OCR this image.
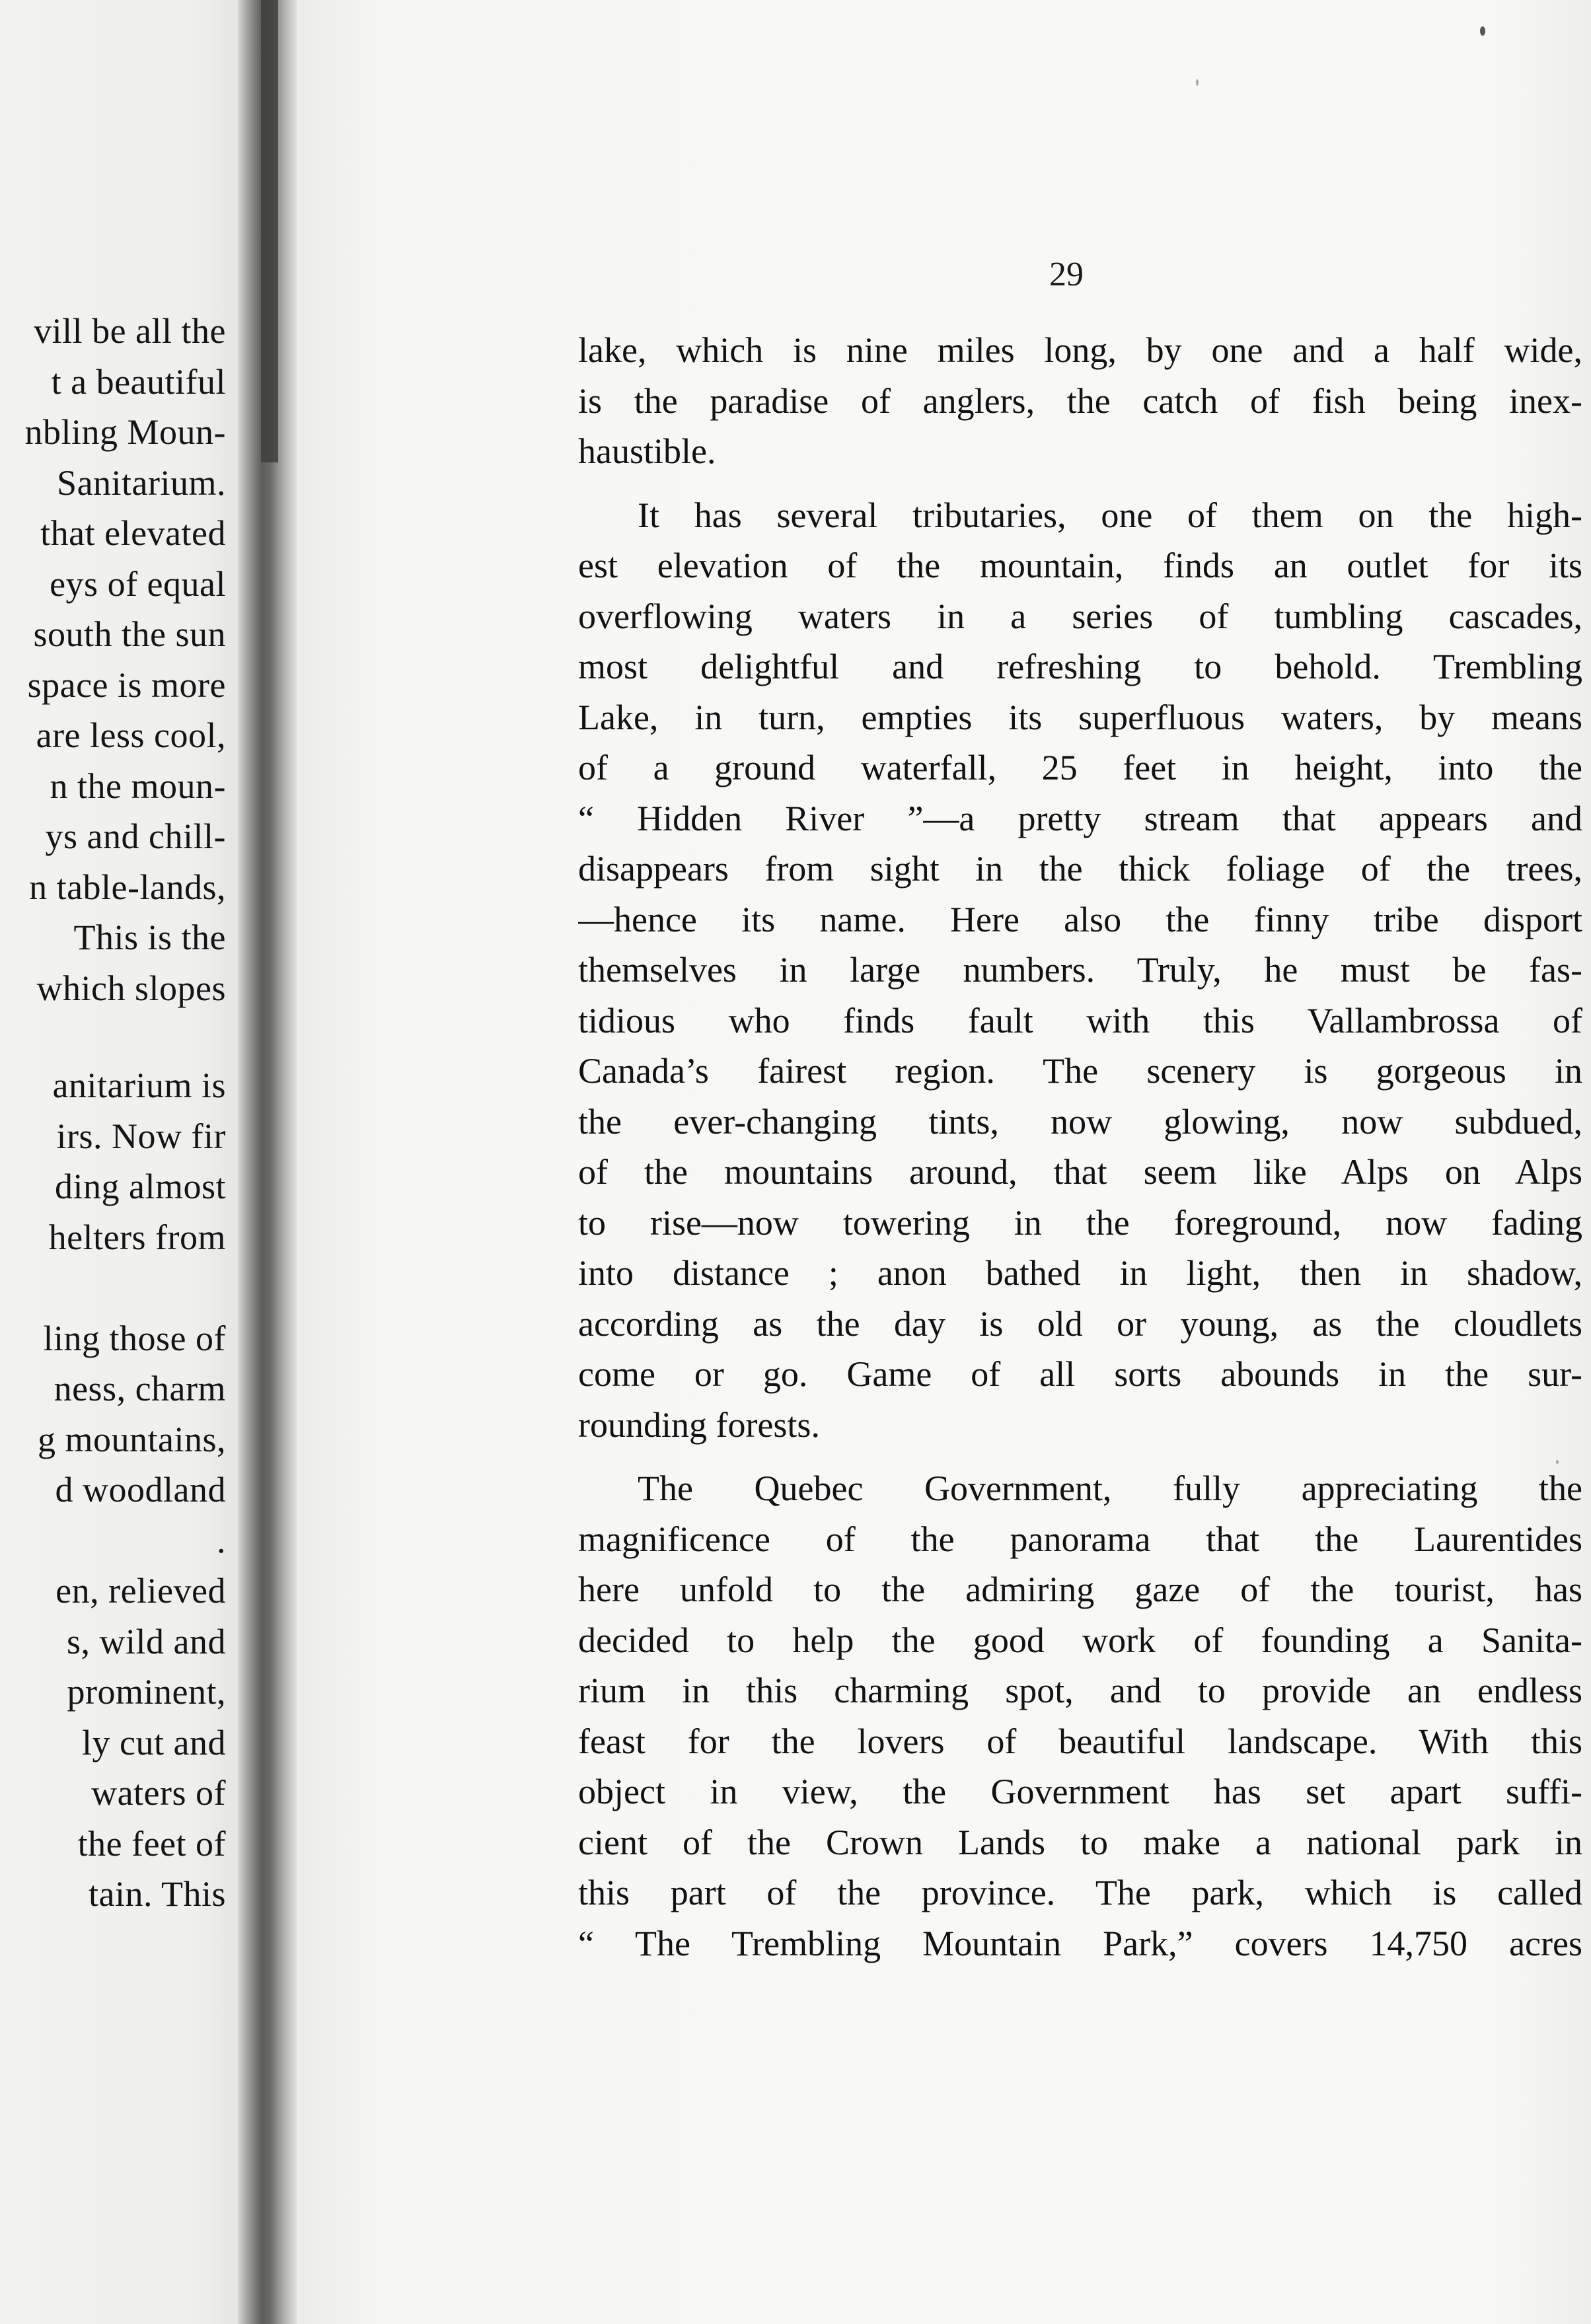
vill be all the
t a beautiful
nbling Moun-
Sanitarium.
that elevated
eys of equal
south the sun
space is more
are less cool,
n the moun-
ys and chill-
n table-lands,
This is the
which slopes
anitarium is
irs. Now fir
ding almost
helters from
ling those of
ness, charm
g mountains,
d woodland
.
en, relieved
s, wild and
prominent,
ly cut and
waters of
the feet of
tain. This
29
lake, which is nine miles long, by one and a half wide,
is the paradise of anglers, the catch of fish being inex-
haustible.
It has several tributaries, one of them on the high-
est elevation of the mountain, finds an outlet for its
overflowing waters in a series of tumbling cascades,
most delightful and refreshing to behold. Trembling
Lake, in turn, empties its superfluous waters, by means
of a ground waterfall, 25 feet in height, into the
“ Hidden River ”—a pretty stream that appears and
disappears from sight in the thick foliage of the trees,
—hence its name. Here also the finny tribe disport
themselves in large numbers. Truly, he must be fas-
tidious who finds fault with this Vallambrossa of
Canada’s fairest region. The scenery is gorgeous in
the ever-changing tints, now glowing, now subdued,
of the mountains around, that seem like Alps on Alps
to rise—now towering in the foreground, now fading
into distance ; anon bathed in light, then in shadow,
according as the day is old or young, as the cloudlets
come or go. Game of all sorts abounds in the sur-
rounding forests.
The Quebec Government, fully appreciating the
magnificence of the panorama that the Laurentides
here unfold to the admiring gaze of the tourist, has
decided to help the good work of founding a Sanita-
rium in this charming spot, and to provide an endless
feast for the lovers of beautiful landscape. With this
object in view, the Government has set apart suffi-
cient of the Crown Lands to make a national park in
this part of the province. The park, which is called
“ The Trembling Mountain Park,” covers 14,750 acres
